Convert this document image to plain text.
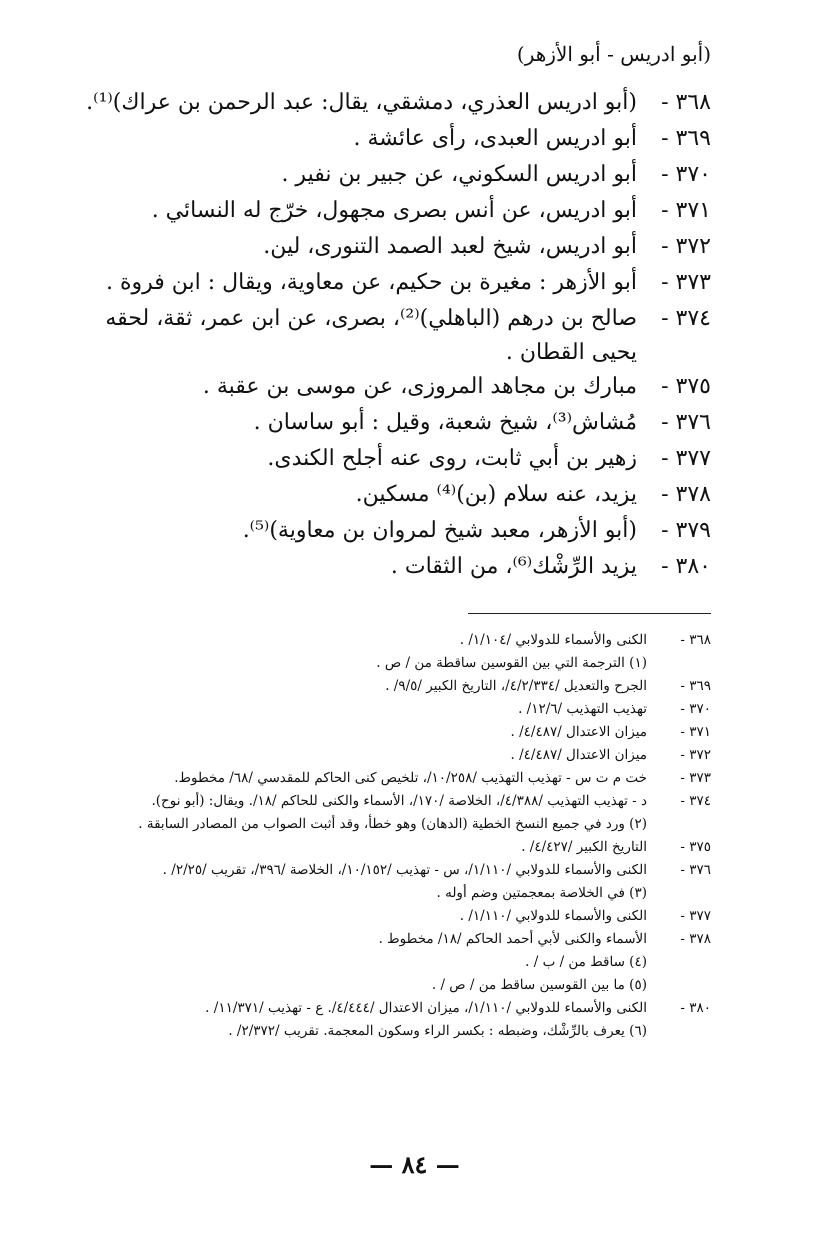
(أبو ادريس - أبو الأزهر)
٣٦٨ -
(أبو ادريس العذري، دمشقي، يقال: عبد الرحمن بن عراك)⁽¹⁾.
٣٦٩ -
أبو ادريس العبدى، رأى عائشة .
٣٧٠ -
أبو ادريس السكوني، عن جبير بن نفير .
٣٧١ -
أبو ادريس، عن أنس بصرى مجهول، خرّج له النسائي .
٣٧٢ -
أبو ادريس، شيخ لعبد الصمد التنورى، لين.
٣٧٣ -
أبو الأزهر : مغيرة بن حكيم، عن معاوية، ويقال : ابن فروة .
٣٧٤ -
صالح بن درهم (الباهلي)⁽²⁾، بصرى، عن ابن عمر، ثقة، لحقه يحيى القطان .
٣٧٥ -
مبارك بن مجاهد المروزى، عن موسى بن عقبة .
٣٧٦ -
مُشاش⁽³⁾، شيخ شعبة، وقيل : أبو ساسان .
٣٧٧ -
زهير بن أبي ثابت، روى عنه أجلح الكندى.
٣٧٨ -
يزيد، عنه سلام (بن)⁽⁴⁾ مسكين.
٣٧٩ -
(أبو الأزهر، معبد شيخ لمروان بن معاوية)⁽⁵⁾.
٣٨٠ -
يزيد الرِّشْك⁽⁶⁾، من الثقات .
٣٦٨ -
الكنى والأسماء للدولابي /١/١٠٤/ .
(١) الترجمة التي بين القوسين ساقطة من / ص .
٣٦٩ -
الجرح والتعديل /٤/٢/٣٣٤/، التاريخ الكبير /٩/٥/ .
٣٧٠ -
تهذيب التهذيب /١٢/٦/ .
٣٧١ -
ميزان الاعتدال /٤/٤٨٧/ .
٣٧٢ -
ميزان الاعتدال /٤/٤٨٧/ .
٣٧٣ -
خت م ت س - تهذيب التهذيب /١٠/٢٥٨/، تلخيص كنى الحاكم للمقدسي /٦٨/ مخطوط.
٣٧٤ -
د - تهذيب التهذيب /٤/٣٨٨/، الخلاصة /١٧٠/، الأسماء والكنى للحاكم /١٨/. ويقال: (أبو نوح).
(٢) ورد في جميع النسخ الخطية (الدهان) وهو خطأ، وقد أثبت الصواب من المصادر السابقة .
٣٧٥ -
التاريخ الكبير /٤/٤٢٧/ .
٣٧٦ -
الكنى والأسماء للدولابي /١/١١٠/، س - تهذيب /١٠/١٥٢/، الخلاصة /٣٩٦/، تقريب /٢/٢٥/ .
(٣) في الخلاصة بمعجمتين وضم أوله .
٣٧٧ -
الكنى والأسماء للدولابي /١/١١٠/ .
٣٧٨ -
الأسماء والكنى لأبي أحمد الحاكم /١٨/ مخطوط .
(٤) ساقط من / ب / .
(٥) ما بين القوسين ساقط من / ص / .
٣٨٠ -
الكنى والأسماء للدولابي /١/١١٠/، ميزان الاعتدال /٤/٤٤٤/. ع - تهذيب /١١/٣٧١/ .
(٦) يعرف بالرِّشْك، وضبطه : بكسر الراء وسكون المعجمة. تقريب /٢/٣٧٢/ .
— ٨٤ —
